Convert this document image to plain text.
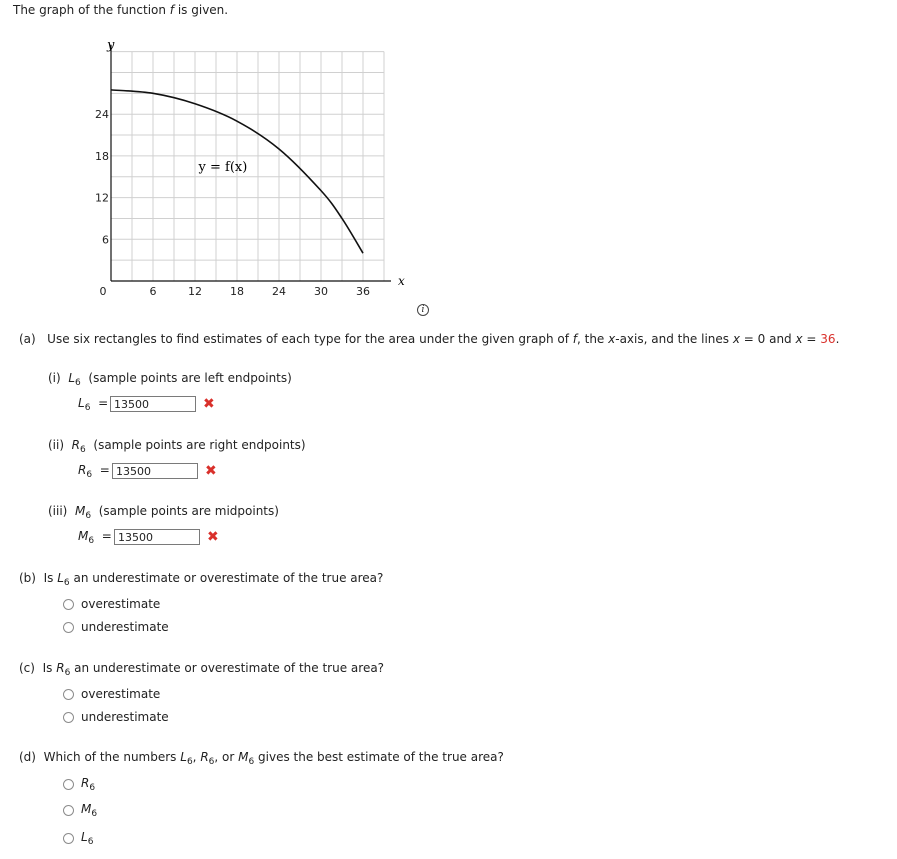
The graph of the function f is given.
0	6	12	18	24	30	36
6
12
18
24
y
x
y = f(x)
i
(a) Use six rectangles to find estimates of each type for the area under the given graph of f, the x-axis, and the lines x = 0 and x = 36.
(i) $L_6$ (sample points are left endpoints)
$L_6 = 13500$	✖
(ii) $R_6$ (sample points are right endpoints)
$R_6 = 13500$	✖
(iii) $M_6$ (sample points are midpoints)
$M_6 = 13500$	✖
(b) Is $L_6$ an underestimate or overestimate of the true area?
overestimate
underestimate
(c) Is $R_6$ an underestimate or overestimate of the true area?
overestimate
underestimate
(d) Which of the numbers $L_6$, $R_6$, or $M_6$ gives the best estimate of the true area?
$R_6$
$M_6$
$L_6$
